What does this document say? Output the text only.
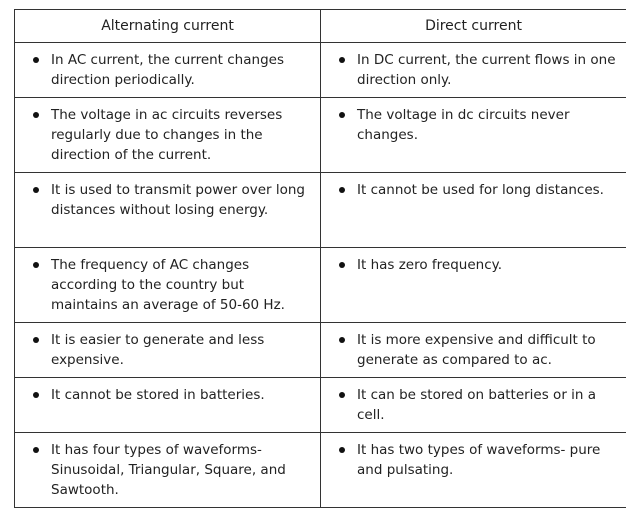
Alternating current	Direct current

In AC current, the current changes direction periodically.	In DC current, the current flows in one direction only.

The voltage in ac circuits reverses regularly due to changes in the direction of the current.	The voltage in dc circuits never changes.

It is used to transmit power over long distances without losing energy.	It cannot be used for long distances.

The frequency of AC changes according to the country but maintains an average of 50-60 Hz.	It has zero frequency.

It is easier to generate and less expensive.	It is more expensive and difficult to generate as compared to ac.

It cannot be stored in batteries.	It can be stored on batteries or in a cell.

It has four types of waveforms- Sinusoidal, Triangular, Square, and Sawtooth.	It has two types of waveforms- pure and pulsating.
